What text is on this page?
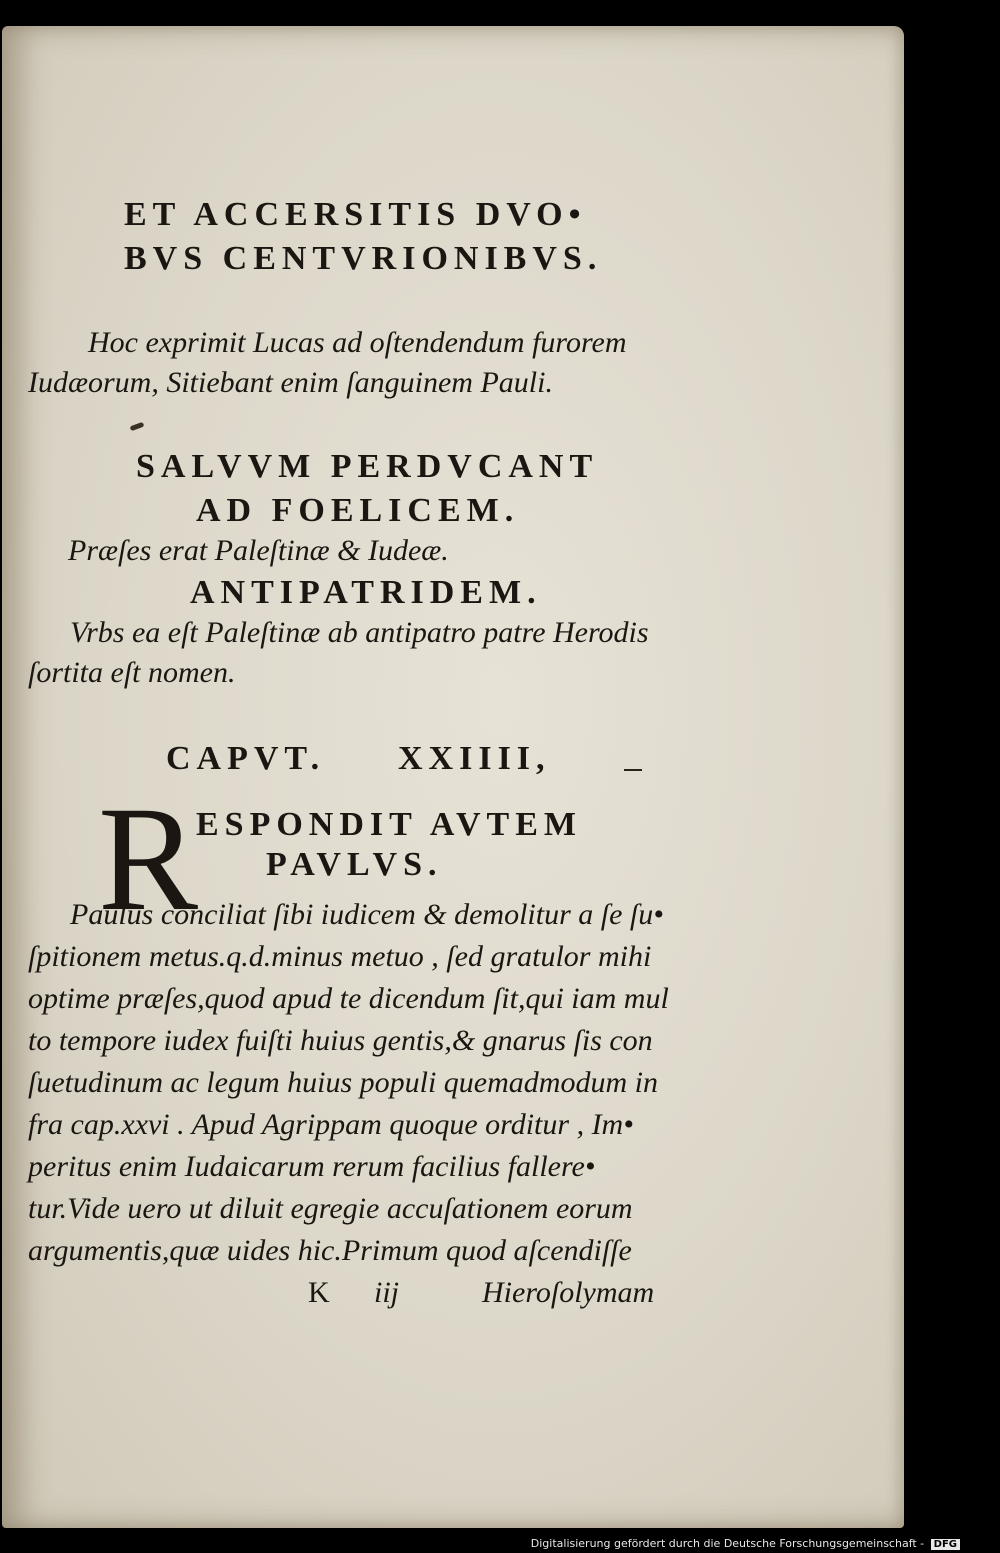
ET ACCERSITIS DVO•
BVS CENTVRIONIBVS.
Hoc exprimit Lucas ad oſtendendum furorem
Iudæorum, Sitiebant enim ſanguinem Pauli.
SALVVM PERDVCANT
AD FOELICEM.
Præſes erat Paleſtinæ & Iudeæ.
ANTIPATRIDEM.
Vrbs ea eſt Paleſtinæ ab antipatro patre Herodis
ſortita eſt nomen.
CAPVT. XXIIII,
R
ESPONDIT AVTEM
PAVLVS.
Paulus conciliat ſibi iudicem & demolitur a ſe ſu•
ſpitionem metus.q.d.minus metuo , ſed gratulor mihi
optime præſes,quod apud te dicendum ſit,qui iam mul
to tempore iudex fuiſti huius gentis,& gnarus ſis con
ſuetudinum ac legum huius populi quemadmodum in
fra cap.xxvi . Apud Agrippam quoque orditur , Im•
peritus enim Iudaicarum rerum facilius fallere•
tur.Vide uero ut diluit egregie accuſationem eorum
argumentis,quæ uides hic.Primum quod aſcendiſſe
K iij	Hieroſolymam
Digitalisierung gefördert durch die Deutsche Forschungsgemeinschaft - DFG
